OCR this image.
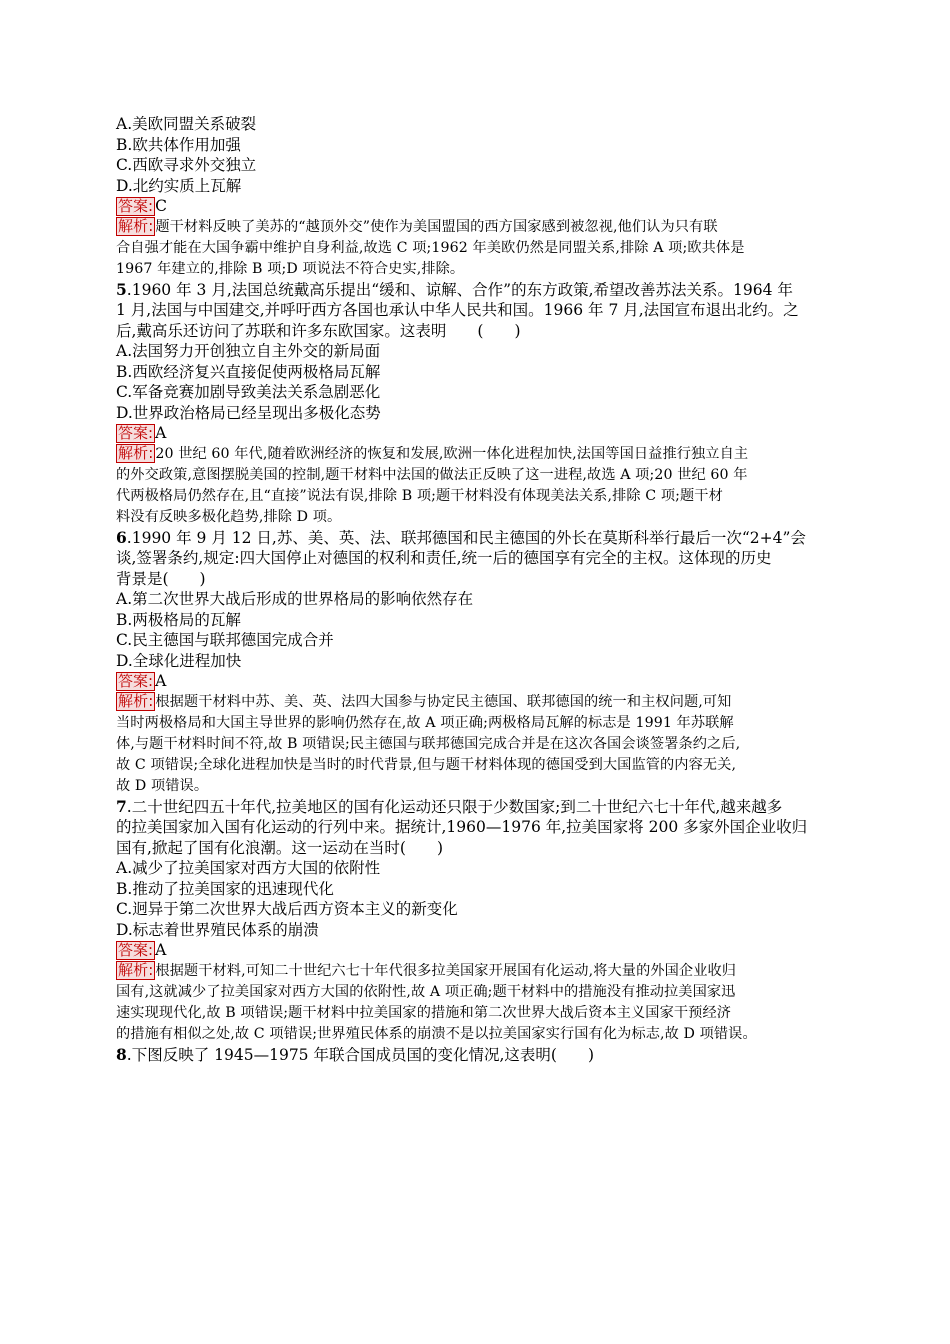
A.美欧同盟关系破裂
B.欧共体作用加强
C.西欧寻求外交独立
D.北约实质上瓦解
答案: C
解析: 题干材料反映了美苏的“越顶外交”使作为美国盟国的西方国家感到被忽视,他们认为只有联
合自强才能在大国争霸中维护自身利益,故选 C 项;1962 年美欧仍然是同盟关系,排除 A 项;欧共体是
1967 年建立的,排除 B 项;D 项说法不符合史实,排除。
5.1960 年 3 月,法国总统戴高乐提出“缓和、谅解、合作”的东方政策,希望改善苏法关系。1964 年
1 月,法国与中国建交,并呼吁西方各国也承认中华人民共和国。1966 年 7 月,法国宣布退出北约。之
后,戴高乐还访问了苏联和许多东欧国家。这表明　　(　　)
A.法国努力开创独立自主外交的新局面
B.西欧经济复兴直接促使两极格局瓦解
C.军备竞赛加剧导致美法关系急剧恶化
D.世界政治格局已经呈现出多极化态势
答案: A
解析: 20 世纪 60 年代,随着欧洲经济的恢复和发展,欧洲一体化进程加快,法国等国日益推行独立自主
的外交政策,意图摆脱美国的控制,题干材料中法国的做法正反映了这一进程,故选 A 项;20 世纪 60 年
代两极格局仍然存在,且“直接”说法有误,排除 B 项;题干材料没有体现美法关系,排除 C 项;题干材
料没有反映多极化趋势,排除 D 项。
6.1990 年 9 月 12 日,苏、美、英、法、联邦德国和民主德国的外长在莫斯科举行最后一次“2+4”会
谈,签署条约,规定:四大国停止对德国的权利和责任,统一后的德国享有完全的主权。这体现的历史
背景是(　　)
A.第二次世界大战后形成的世界格局的影响依然存在
B.两极格局的瓦解
C.民主德国与联邦德国完成合并
D.全球化进程加快
答案: A
解析: 根据题干材料中苏、美、英、法四大国参与协定民主德国、联邦德国的统一和主权问题,可知
当时两极格局和大国主导世界的影响仍然存在,故 A 项正确;两极格局瓦解的标志是 1991 年苏联解
体,与题干材料时间不符,故 B 项错误;民主德国与联邦德国完成合并是在这次各国会谈签署条约之后,
故 C 项错误;全球化进程加快是当时的时代背景,但与题干材料体现的德国受到大国监管的内容无关,
故 D 项错误。
7.二十世纪四五十年代,拉美地区的国有化运动还只限于少数国家;到二十世纪六七十年代,越来越多
的拉美国家加入国有化运动的行列中来。据统计,1960—1976 年,拉美国家将 200 多家外国企业收归
国有,掀起了国有化浪潮。这一运动在当时(　　)
A.减少了拉美国家对西方大国的依附性
B.推动了拉美国家的迅速现代化
C.迥异于第二次世界大战后西方资本主义的新变化
D.标志着世界殖民体系的崩溃
答案: A
解析: 根据题干材料,可知二十世纪六七十年代很多拉美国家开展国有化运动,将大量的外国企业收归
国有,这就减少了拉美国家对西方大国的依附性,故 A 项正确;题干材料中的措施没有推动拉美国家迅
速实现现代化,故 B 项错误;题干材料中拉美国家的措施和第二次世界大战后资本主义国家干预经济
的措施有相似之处,故 C 项错误;世界殖民体系的崩溃不是以拉美国家实行国有化为标志,故 D 项错误。
8.下图反映了 1945—1975 年联合国成员国的变化情况,这表明(　　)
